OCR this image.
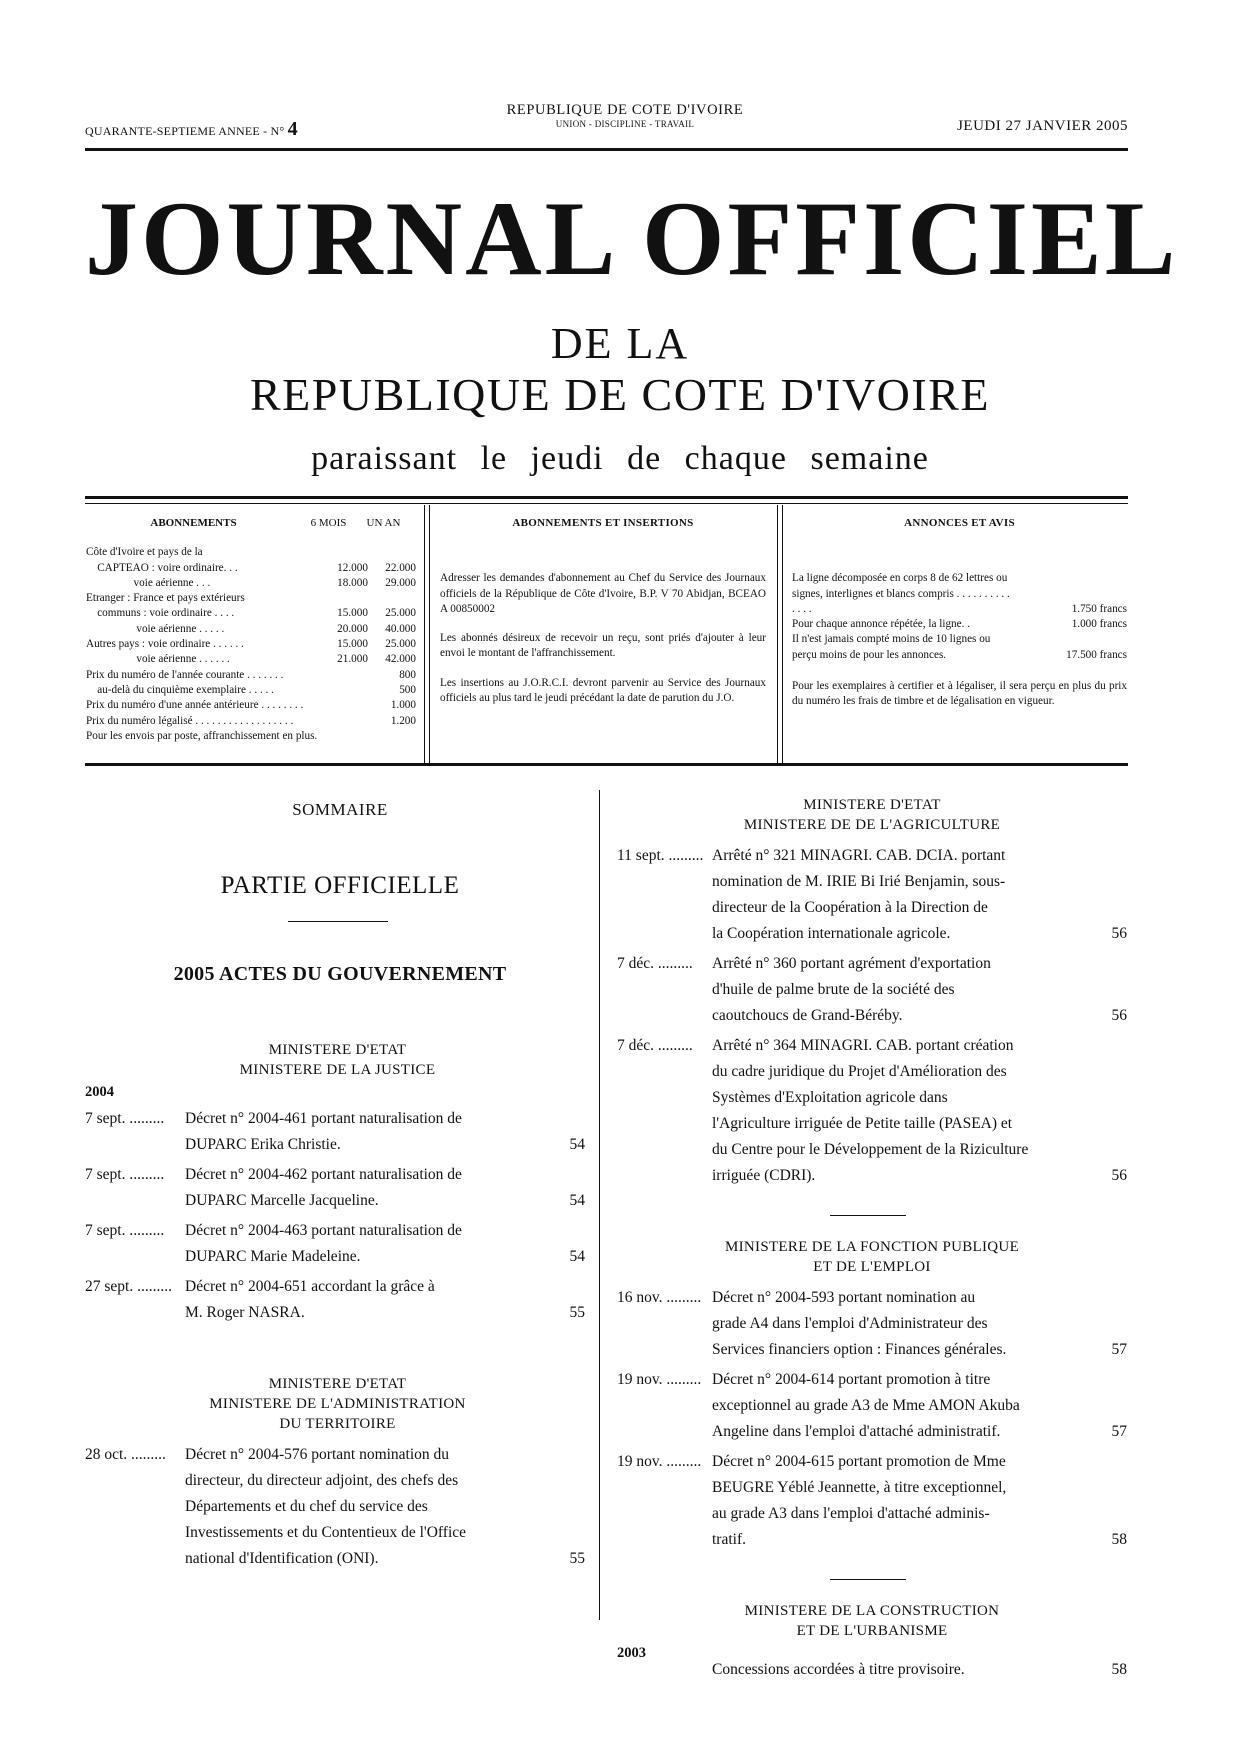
QUARANTE-SEPTIEME ANNEE - N° 4
REPUBLIQUE DE COTE D'IVOIRE
UNION - DISCIPLINE - TRAVAIL	JEUDI 27 JANVIER 2005
JOURNAL OFFICIEL
DE LA
REPUBLIQUE DE COTE D'IVOIRE
paraissant le jeudi de chaque semaine
ABONNEMENTS	6 MOIS	UN AN
Côte d'Ivoire et pays de la
CAPTEAO : voire ordinaire. . .	12.000	22.000
voie aérienne . . .	18.000	29.000
Etranger : France et pays extérieurs
communs : voie ordinaire . . . .	15.000	25.000
voie aérienne . . . . .	20.000	40.000
Autres pays : voie ordinaire . . . . . .	15.000	25.000
voie aérienne . . . . . .	21.000	42.000
Prix du numéro de l'année courante . . . . . . .	800
au-delà du cinquième exemplaire . . . . .	500
Prix du numéro d'une année antérieure . . . . . . . .	1.000
Prix du numéro légalisé . . . . . . . . . . . . . . . . . .	1.200
Pour les envois par poste, affranchissement en plus.
ABONNEMENTS ET INSERTIONS

Adresser les demandes d'abonnement au Chef du Service des Journaux officiels de la République de Côte d'Ivoire, B.P. V 70 Abidjan, BCEAO A 00850002

Les abonnés désireux de recevoir un reçu, sont priés d'ajouter à leur envoi le montant de l'affranchissement.

Les insertions au J.O.R.C.I. devront parvenir au Service des Journaux officiels au plus tard le jeudi précédant la date de parution du J.O.

ANNONCES ET AVIS
La ligne décomposée en corps 8 de 62 lettres ou signes, interlignes et blancs compris . . . . . . . . . . . . . .	1.750 francs
Pour chaque annonce répétée, la ligne. .	1.000 francs
Il n'est jamais compté moins de 10 lignes ou perçu moins de pour les annonces.	17.500 francs

Pour les exemplaires à certifier et à légaliser, il sera perçu en plus du prix du numéro les frais de timbre et de légalisation en vigueur.

SOMMAIRE
PARTIE OFFICIELLE
2005 ACTES DU GOUVERNEMENT
MINISTERE D'ETAT
MINISTERE DE LA JUSTICE
2004
7 sept. ......... Décret n° 2004-461 portant naturalisation de
DUPARC Erika Christie.	54
7 sept. ......... Décret n° 2004-462 portant naturalisation de
DUPARC Marcelle Jacqueline.	54
7 sept. ......... Décret n° 2004-463 portant naturalisation de
DUPARC Marie Madeleine.	54
27 sept. ......... Décret n° 2004-651 accordant la grâce à
M. Roger NASRA.	55
MINISTERE D'ETAT
MINISTERE DE L'ADMINISTRATION
DU TERRITOIRE
28 oct. ......... Décret n° 2004-576 portant nomination du
directeur, du directeur adjoint, des chefs des
Départements et du chef du service des
Investissements et du Contentieux de l'Office
national d'Identification (ONI).	55
MINISTERE D'ETAT
MINISTERE DE DE L'AGRICULTURE
11 sept. ......... Arrêté n° 321 MINAGRI. CAB. DCIA. portant
nomination de M. IRIE Bi Irié Benjamin, sous-
directeur de la Coopération à la Direction de
la Coopération internationale agricole.	56
7 déc. ......... Arrêté n° 360 portant agrément d'exportation
d'huile de palme brute de la société des
caoutchoucs de Grand-Béréby.	56
7 déc. ......... Arrêté n° 364 MINAGRI. CAB. portant création
du cadre juridique du Projet d'Amélioration des
Systèmes d'Exploitation agricole dans
l'Agriculture irriguée de Petite taille (PASEA) et
du Centre pour le Développement de la Riziculture
irriguée (CDRI).	56
MINISTERE DE LA FONCTION PUBLIQUE
ET DE L'EMPLOI
16 nov. ......... Décret n° 2004-593 portant nomination au
grade A4 dans l'emploi d'Administrateur des
Services financiers option : Finances générales.	57
19 nov. ......... Décret n° 2004-614 portant promotion à titre
exceptionnel au grade A3 de Mme AMON Akuba
Angeline dans l'emploi d'attaché administratif.	57
19 nov. ......... Décret n° 2004-615 portant promotion de Mme
BEUGRE Yéblé Jeannette, à titre exceptionnel,
au grade A3 dans l'emploi d'attaché adminis-
tratif.	58
MINISTERE DE LA CONSTRUCTION
ET DE L'URBANISME
2003
Concessions accordées à titre provisoire.	58
